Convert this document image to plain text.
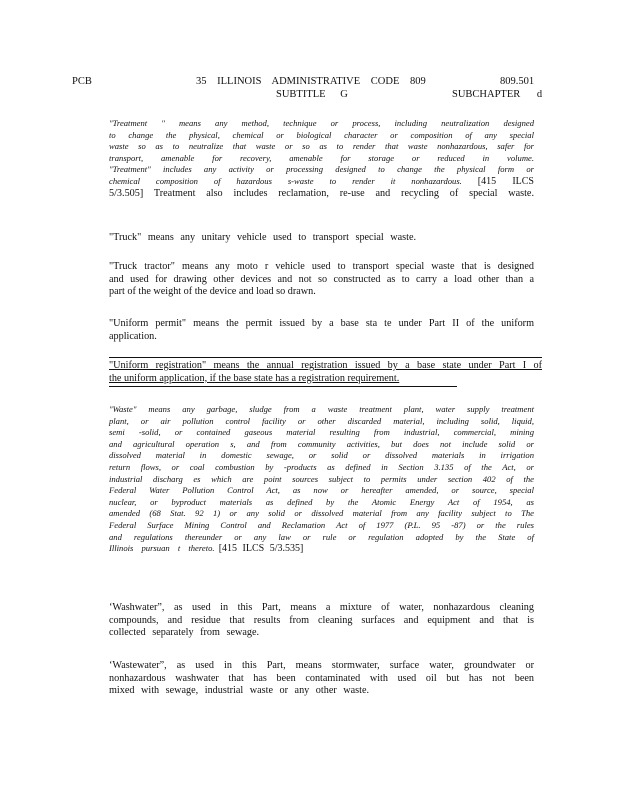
PCB	35 ILLINOIS ADMINISTRATIVE CODE 809	809.501
SUBTITLE G	SUBCHAPTER d
"Treatment " means any method, technique or process, including neutralization designed
to change the physical, chemical or biological character or composition of any special
waste so as to neutralize that waste or so as to render that waste nonhazardous, safer for
transport, amenable for recovery, amenable for storage or reduced in volume.
"Treatment" includes any activity or processing designed to change the physical form or
chemical composition of hazardous s-waste to render it nonhazardous. [415 ILCS
5/3.505] Treatment also includes reclamation, re-use and recycling of special waste.
"Truck" means any unitary vehicle used to transport special waste.
"Truck tractor" means any moto r vehicle used to transport special waste that is designed
and used for drawing other devices and not so constructed as to carry a load other than a
part of the weight of the device and load so drawn.
"Uniform permit" means the permit issued by a base sta te under Part II of the uniform
application.
"Uniform registration" means the annual registration issued by a base state under Part I of
the uniform application, if the base state has a registration requirement.
"Waste" means any garbage, sludge from a waste treatment plant, water supply treatment
plant, or air pollution control facility or other discarded material, including solid, liquid,
semi -solid, or contained gaseous material resulting from industrial, commercial, mining
and agricultural operation s, and from community activities, but does not include solid or
dissolved material in domestic sewage, or solid or dissolved materials in irrigation
return flows, or coal combustion by -products as defined in Section 3.135 of the Act, or
industrial discharg es which are point sources subject to permits under section 402 of the
Federal Water Pollution Control Act, as now or hereafter amended, or source, special
nuclear, or byproduct materials as defined by the Atomic Energy Act of 1954, as
amended (68 Stat. 92 1) or any solid or dissolved material from any facility subject to The
Federal Surface Mining Control and Reclamation Act of 1977 (P.L. 95 -87) or the rules
and regulations thereunder or any law or rule or regulation adopted by the State of
Illinois pursuan t thereto. [415 ILCS 5/3.535]
‘Washwater”, as used in this Part, means a mixture of water, nonhazardous cleaning
compounds, and residue that results from cleaning surfaces and equipment and that is
collected separately from sewage.
‘Wastewater”, as used in this Part, means stormwater, surface water, groundwater or
nonhazardous washwater that has been contaminated with used oil but has not been
mixed with sewage, industrial waste or any other waste.
